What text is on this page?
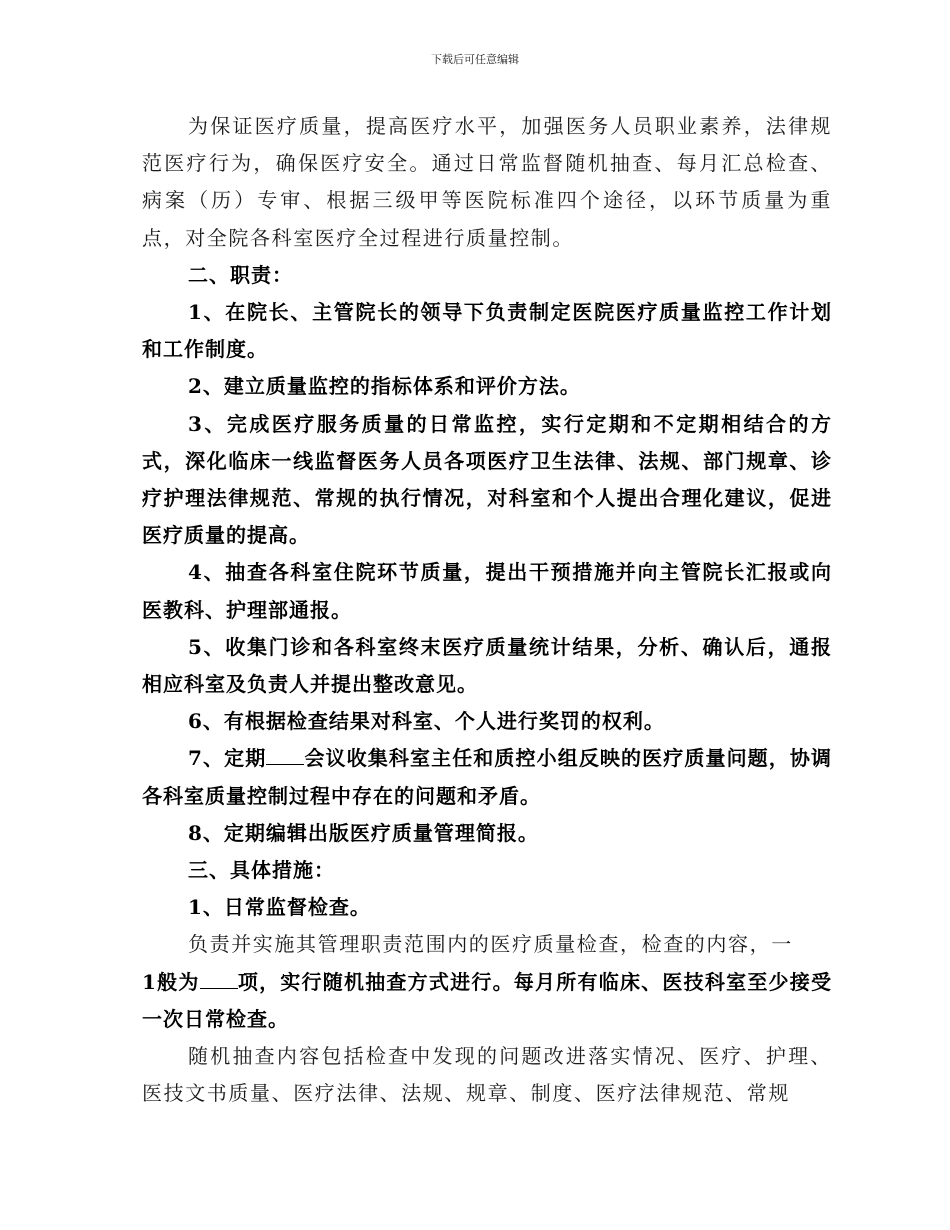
下载后可任意编辑

为保证医疗质量，提高医疗水平，加强医务人员职业素养，法律规范医疗行为，确保医疗安全。通过日常监督随机抽查、每月汇总检查、病案（历）专审、根据三级甲等医院标准四个途径，以环节质量为重点，对全院各科室医疗全过程进行质量控制。

二、职责：

1、在院长、主管院长的领导下负责制定医院医疗质量监控工作计划和工作制度。

2、建立质量监控的指标体系和评价方法。

3、完成医疗服务质量的日常监控，实行定期和不定期相结合的方式，深化临床一线监督医务人员各项医疗卫生法律、法规、部门规章、诊疗护理法律规范、常规的执行情况，对科室和个人提出合理化建议，促进医疗质量的提高。

4、抽查各科室住院环节质量，提出干预措施并向主管院长汇报或向医教科、护理部通报。

5、收集门诊和各科室终末医疗质量统计结果，分析、确认后，通报相应科室及负责人并提出整改意见。

6、有根据检查结果对科室、个人进行奖罚的权利。

7、定期 会议收集科室主任和质控小组反映的医疗质量问题，协调各科室质量控制过程中存在的问题和矛盾。

8、定期编辑出版医疗质量管理简报。

三、具体措施：

1、日常监督检查。

负责并实施其管理职责范围内的医疗质量检查，检查的内容，一

1般为 项，实行随机抽查方式进行。每月所有临床、医技科室至少接受一次日常检查。

随机抽查内容包括检查中发现的问题改进落实情况、医疗、护理、医技文书质量、医疗法律、法规、规章、制度、医疗法律规范、常规
